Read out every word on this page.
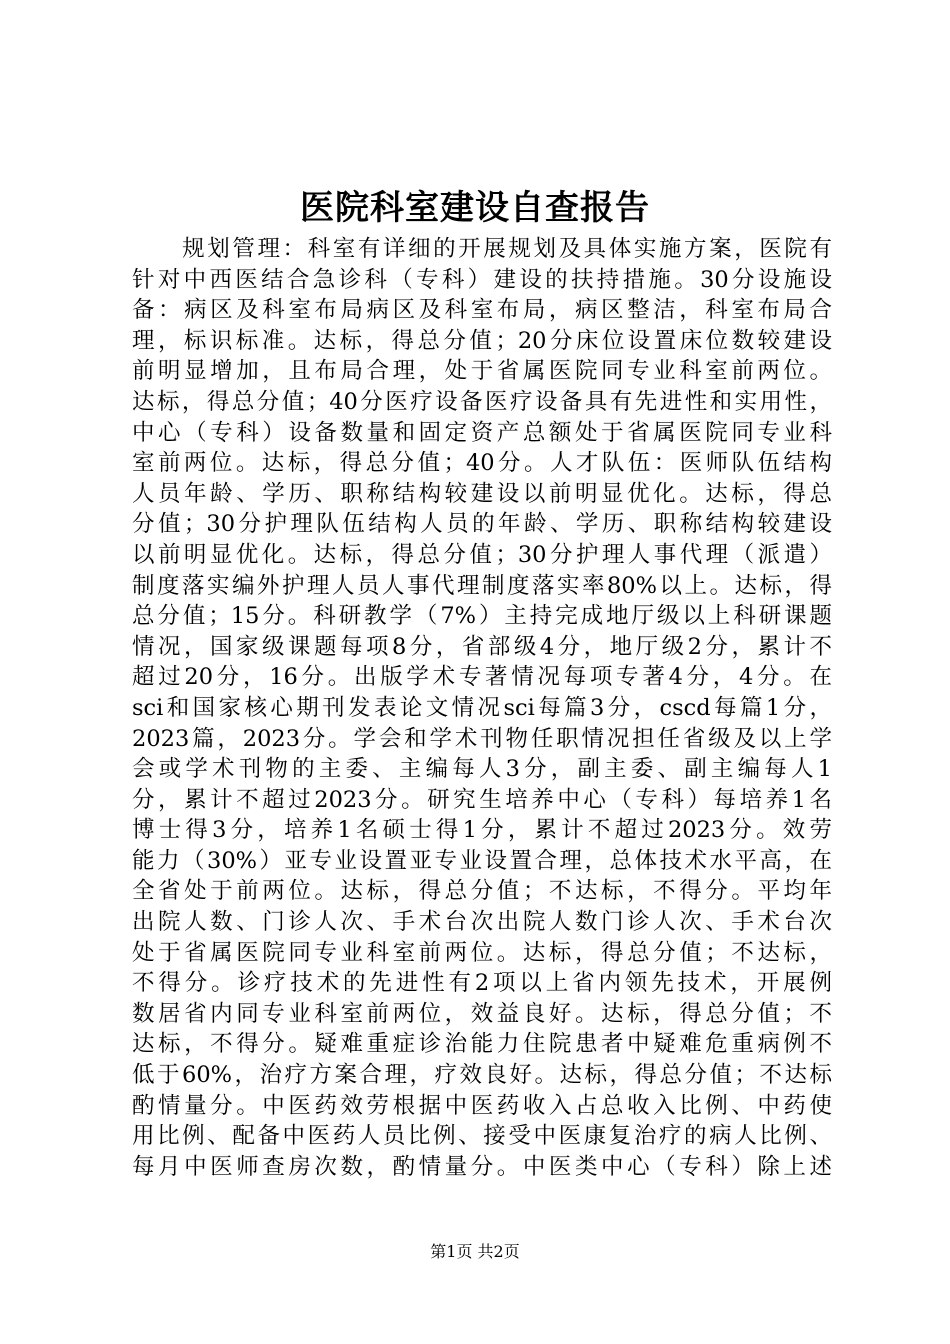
医院科室建设自查报告
　　规划管理：科室有详细的开展规划及具体实施方案，医院有
针对中西医结合急诊科（专科）建设的扶持措施。30分设施设
备：病区及科室布局病区及科室布局，病区整洁，科室布局合
理，标识标准。达标，得总分值；20分床位设置床位数较建设
前明显增加，且布局合理，处于省属医院同专业科室前两位。
达标，得总分值；40分医疗设备医疗设备具有先进性和实用性，
中心（专科）设备数量和固定资产总额处于省属医院同专业科
室前两位。达标，得总分值；40分。人才队伍：医师队伍结构
人员年龄、学历、职称结构较建设以前明显优化。达标，得总
分值；30分护理队伍结构人员的年龄、学历、职称结构较建设
以前明显优化。达标，得总分值；30分护理人事代理（派遣）
制度落实编外护理人员人事代理制度落实率80%以上。达标，得
总分值；15分。科研教学（7%）主持完成地厅级以上科研课题
情况，国家级课题每项8分，省部级4分，地厅级2分，累计不
超过20分，16分。出版学术专著情况每项专著4分，4分。在
sci和国家核心期刊发表论文情况sci每篇3分，cscd每篇1分，
2023篇，2023分。学会和学术刊物任职情况担任省级及以上学
会或学术刊物的主委、主编每人3分，副主委、副主编每人1
分，累计不超过2023分。研究生培养中心（专科）每培养1名
博士得3分，培养1名硕士得1分，累计不超过2023分。效劳
能力（30%）亚专业设置亚专业设置合理，总体技术水平高，在
全省处于前两位。达标，得总分值；不达标，不得分。平均年
出院人数、门诊人次、手术台次出院人数门诊人次、手术台次
处于省属医院同专业科室前两位。达标，得总分值；不达标，
不得分。诊疗技术的先进性有2项以上省内领先技术，开展例
数居省内同专业科室前两位，效益良好。达标，得总分值；不
达标，不得分。疑难重症诊治能力住院患者中疑难危重病例不
低于60%，治疗方案合理，疗效良好。达标，得总分值；不达标
酌情量分。中医药效劳根据中医药收入占总收入比例、中药使
用比例、配备中医药人员比例、接受中医康复治疗的病人比例、
每月中医师查房次数，酌情量分。中医类中心（专科）除上述
第1页 共2页
